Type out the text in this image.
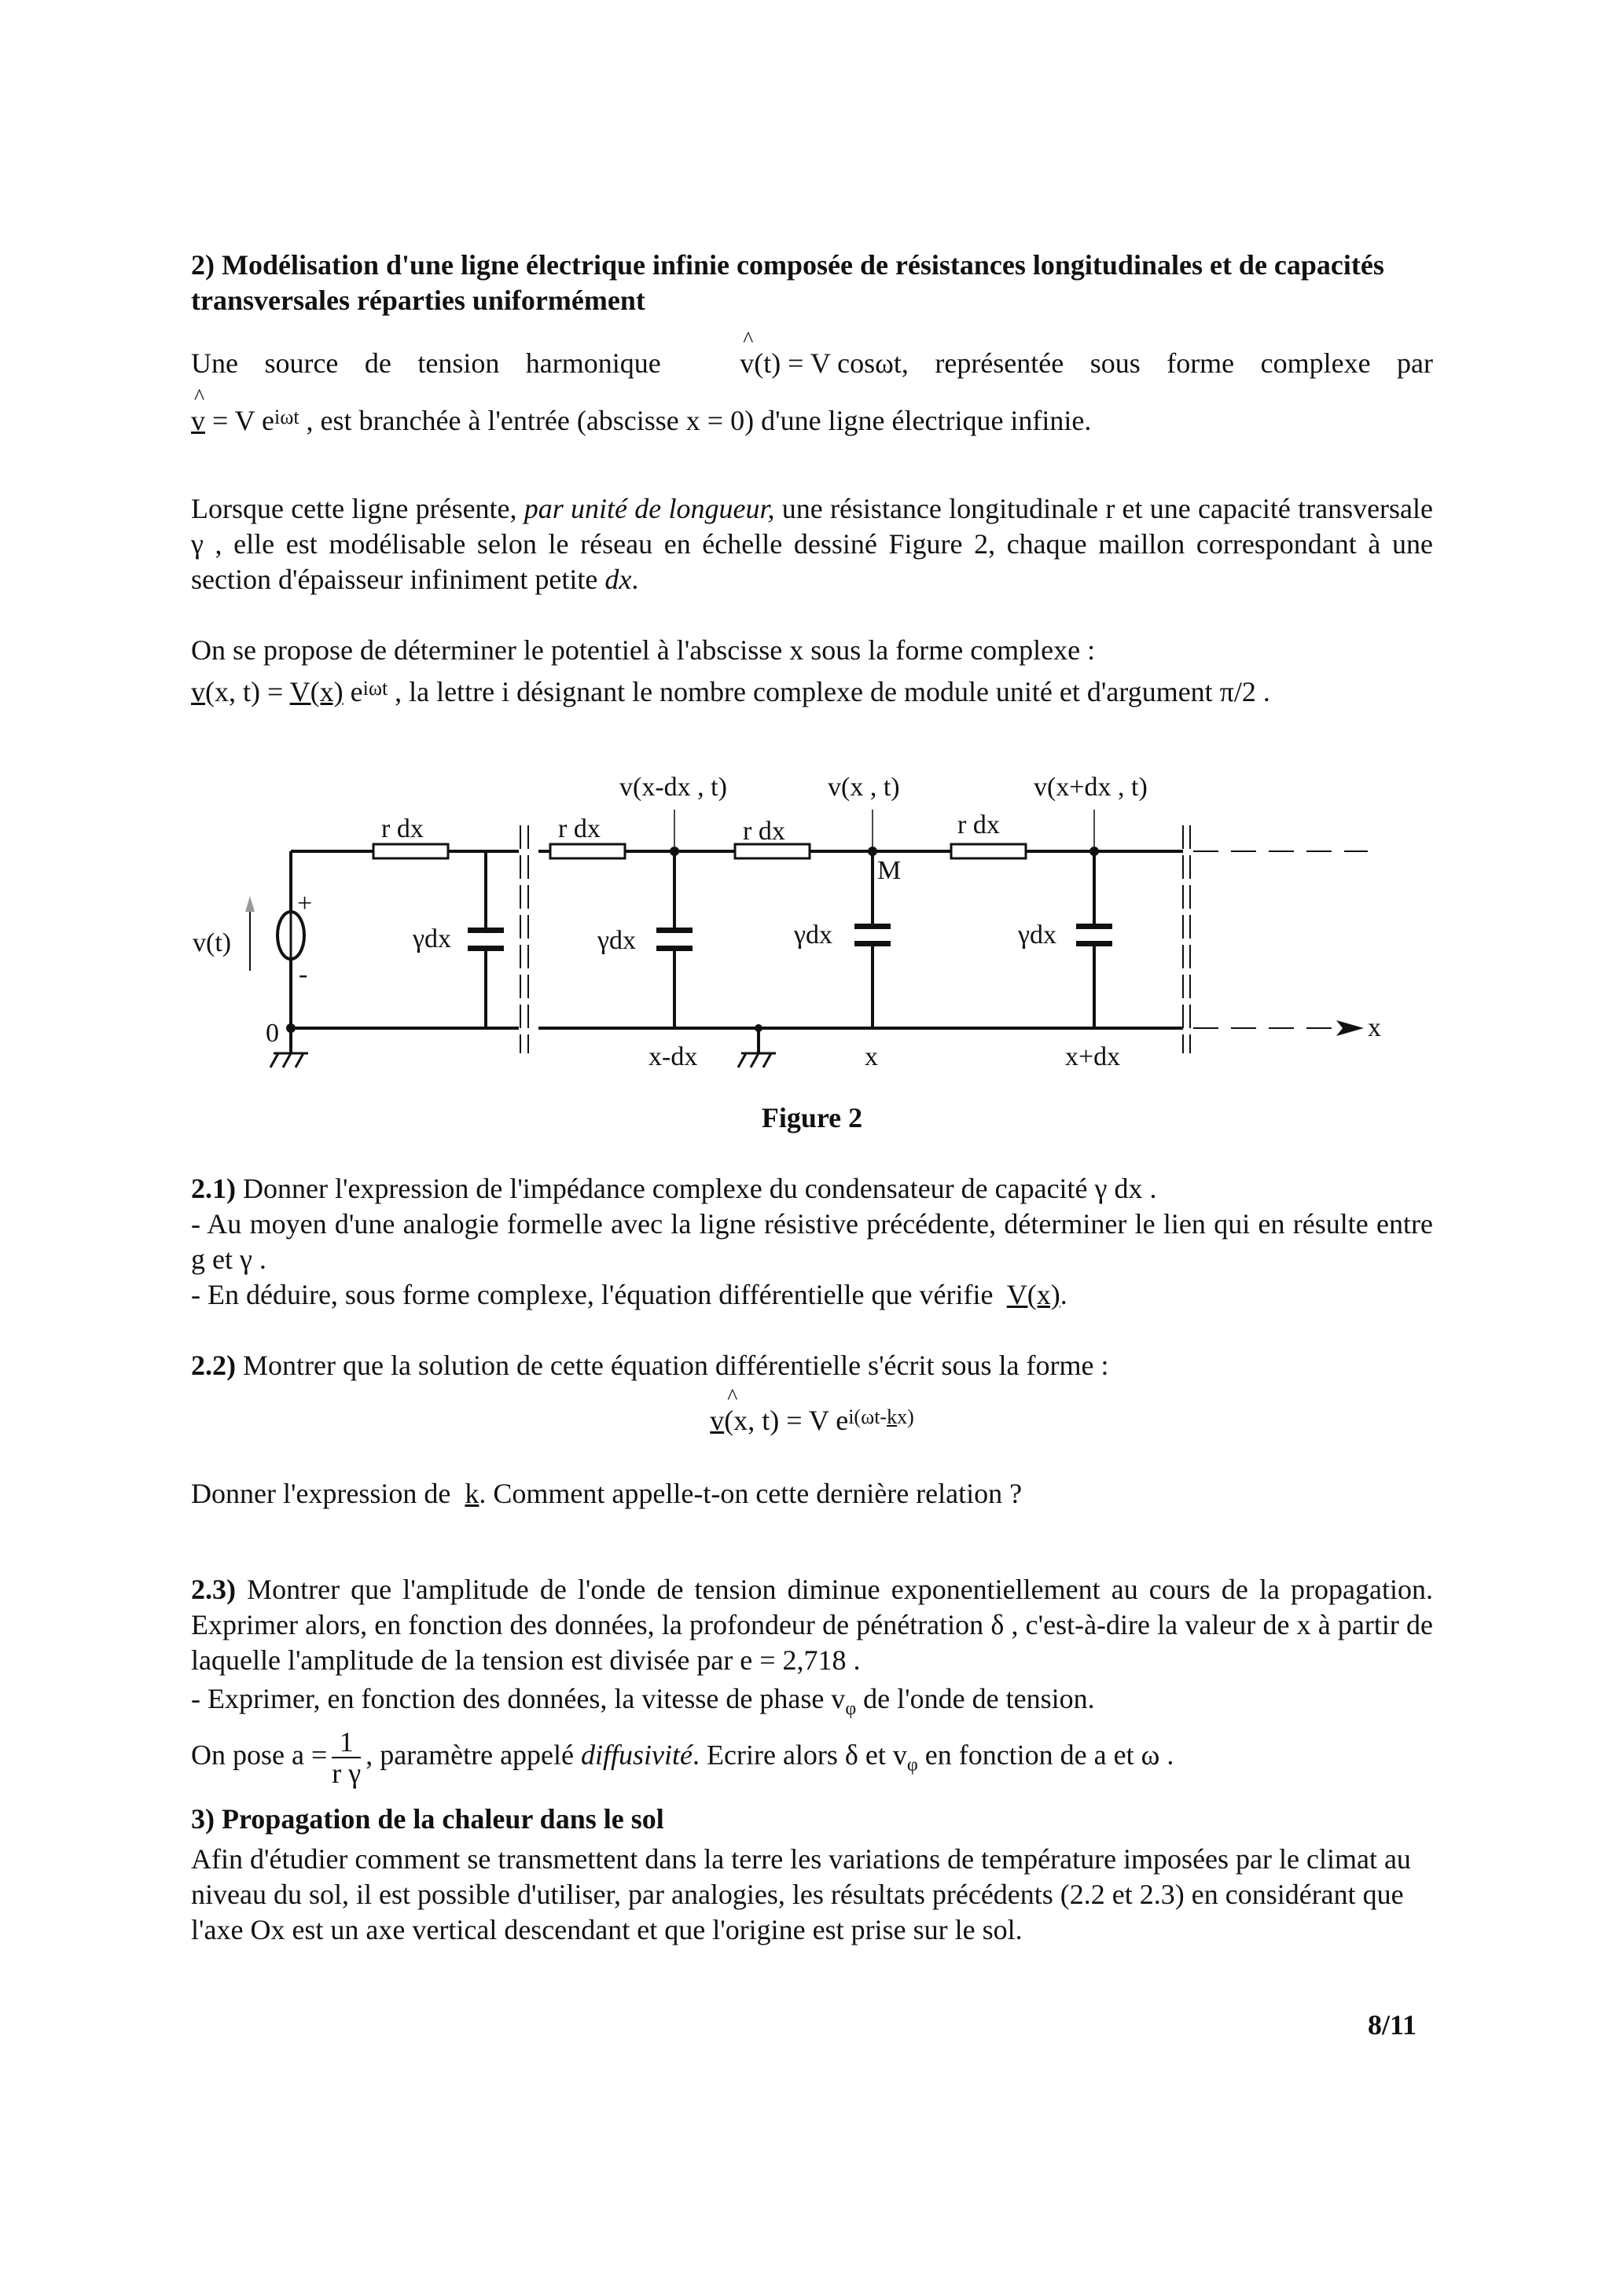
2) Modélisation d'une ligne électrique infinie composée de résistances longitudinales et de capacités transversales réparties uniformément
Une source de tension harmonique	^ v(t) = V cosωt, représentée sous forme complexe par
^ v = V $e^{i\omega t}$ , est branchée à l'entrée (abscisse x = 0) d'une ligne électrique infinie.
Lorsque cette ligne présente, par unité de longueur, une résistance longitudinale r et une capacité transversale γ , elle est modélisable selon le réseau en échelle dessiné Figure 2, chaque maillon correspondant à une section d'épaisseur infiniment petite dx.
On se propose de déterminer le potentiel à l'abscisse x sous la forme complexe :
v(x, t) = V(x) $e^{i\omega t}$ , la lettre i désignant le nombre complexe de module unité et d'argument π/2 .
r dx	r dx	r dx	r dx
γdx	γdx	γdx	γdx
v(t)
+
-
0
v(x-dx , t)	v(x , t)	v(x+dx , t)
M
x-dx	x	x+dx
x
Figure 2
2.1) Donner l'expression de l'impédance complexe du condensateur de capacité γ dx .
- Au moyen d'une analogie formelle avec la ligne résistive précédente, déterminer le lien qui en résulte entre g et γ .
- En déduire, sous forme complexe, l'équation différentielle que vérifie V(x).
2.2) Montrer que la solution de cette équation différentielle s'écrit sous la forme :
v^ (x, t) = V $e^{i(\omega t-kx)}$
Donner l'expression de k. Comment appelle-t-on cette dernière relation ?
2.3) Montrer que l'amplitude de l'onde de tension diminue exponentiellement au cours de la propagation. Exprimer alors, en fonction des données, la profondeur de pénétration δ , c'est-à-dire la valeur de x à partir de laquelle l'amplitude de la tension est divisée par e = 2,718 .
- Exprimer, en fonction des données, la vitesse de phase $v_\varphi$ de l'onde de tension.
On pose $a = \frac{1}{\text{r γ}}$ , paramètre appelé diffusivité. Ecrire alors δ et $v_\varphi$ en fonction de a et ω .
3) Propagation de la chaleur dans le sol
Afin d'étudier comment se transmettent dans la terre les variations de température imposées par le climat au niveau du sol, il est possible d'utiliser, par analogies, les résultats précédents (2.2 et 2.3) en considérant que l'axe Ox est un axe vertical descendant et que l'origine est prise sur le sol.
8/11
